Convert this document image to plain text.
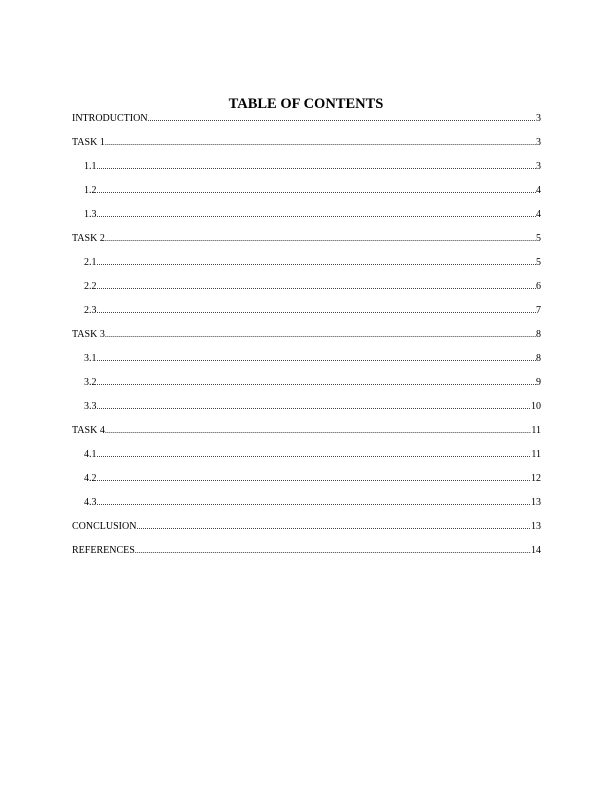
TABLE OF CONTENTS
INTRODUCTION .....	3
TASK 1 .....	3
1.1 .....	3
1.2 .....	4
1.3 .....	4
TASK 2 .....	5
2.1 .....	5
2.2 .....	6
2.3 .....	7
TASK 3 .....	8
3.1 .....	8
3.2 .....	9
3.3 .....	10
TASK 4 .....	11
4.1 .....	11
4.2 .....	12
4.3 .....	13
CONCLUSION .....	13
REFERENCES .....	14
